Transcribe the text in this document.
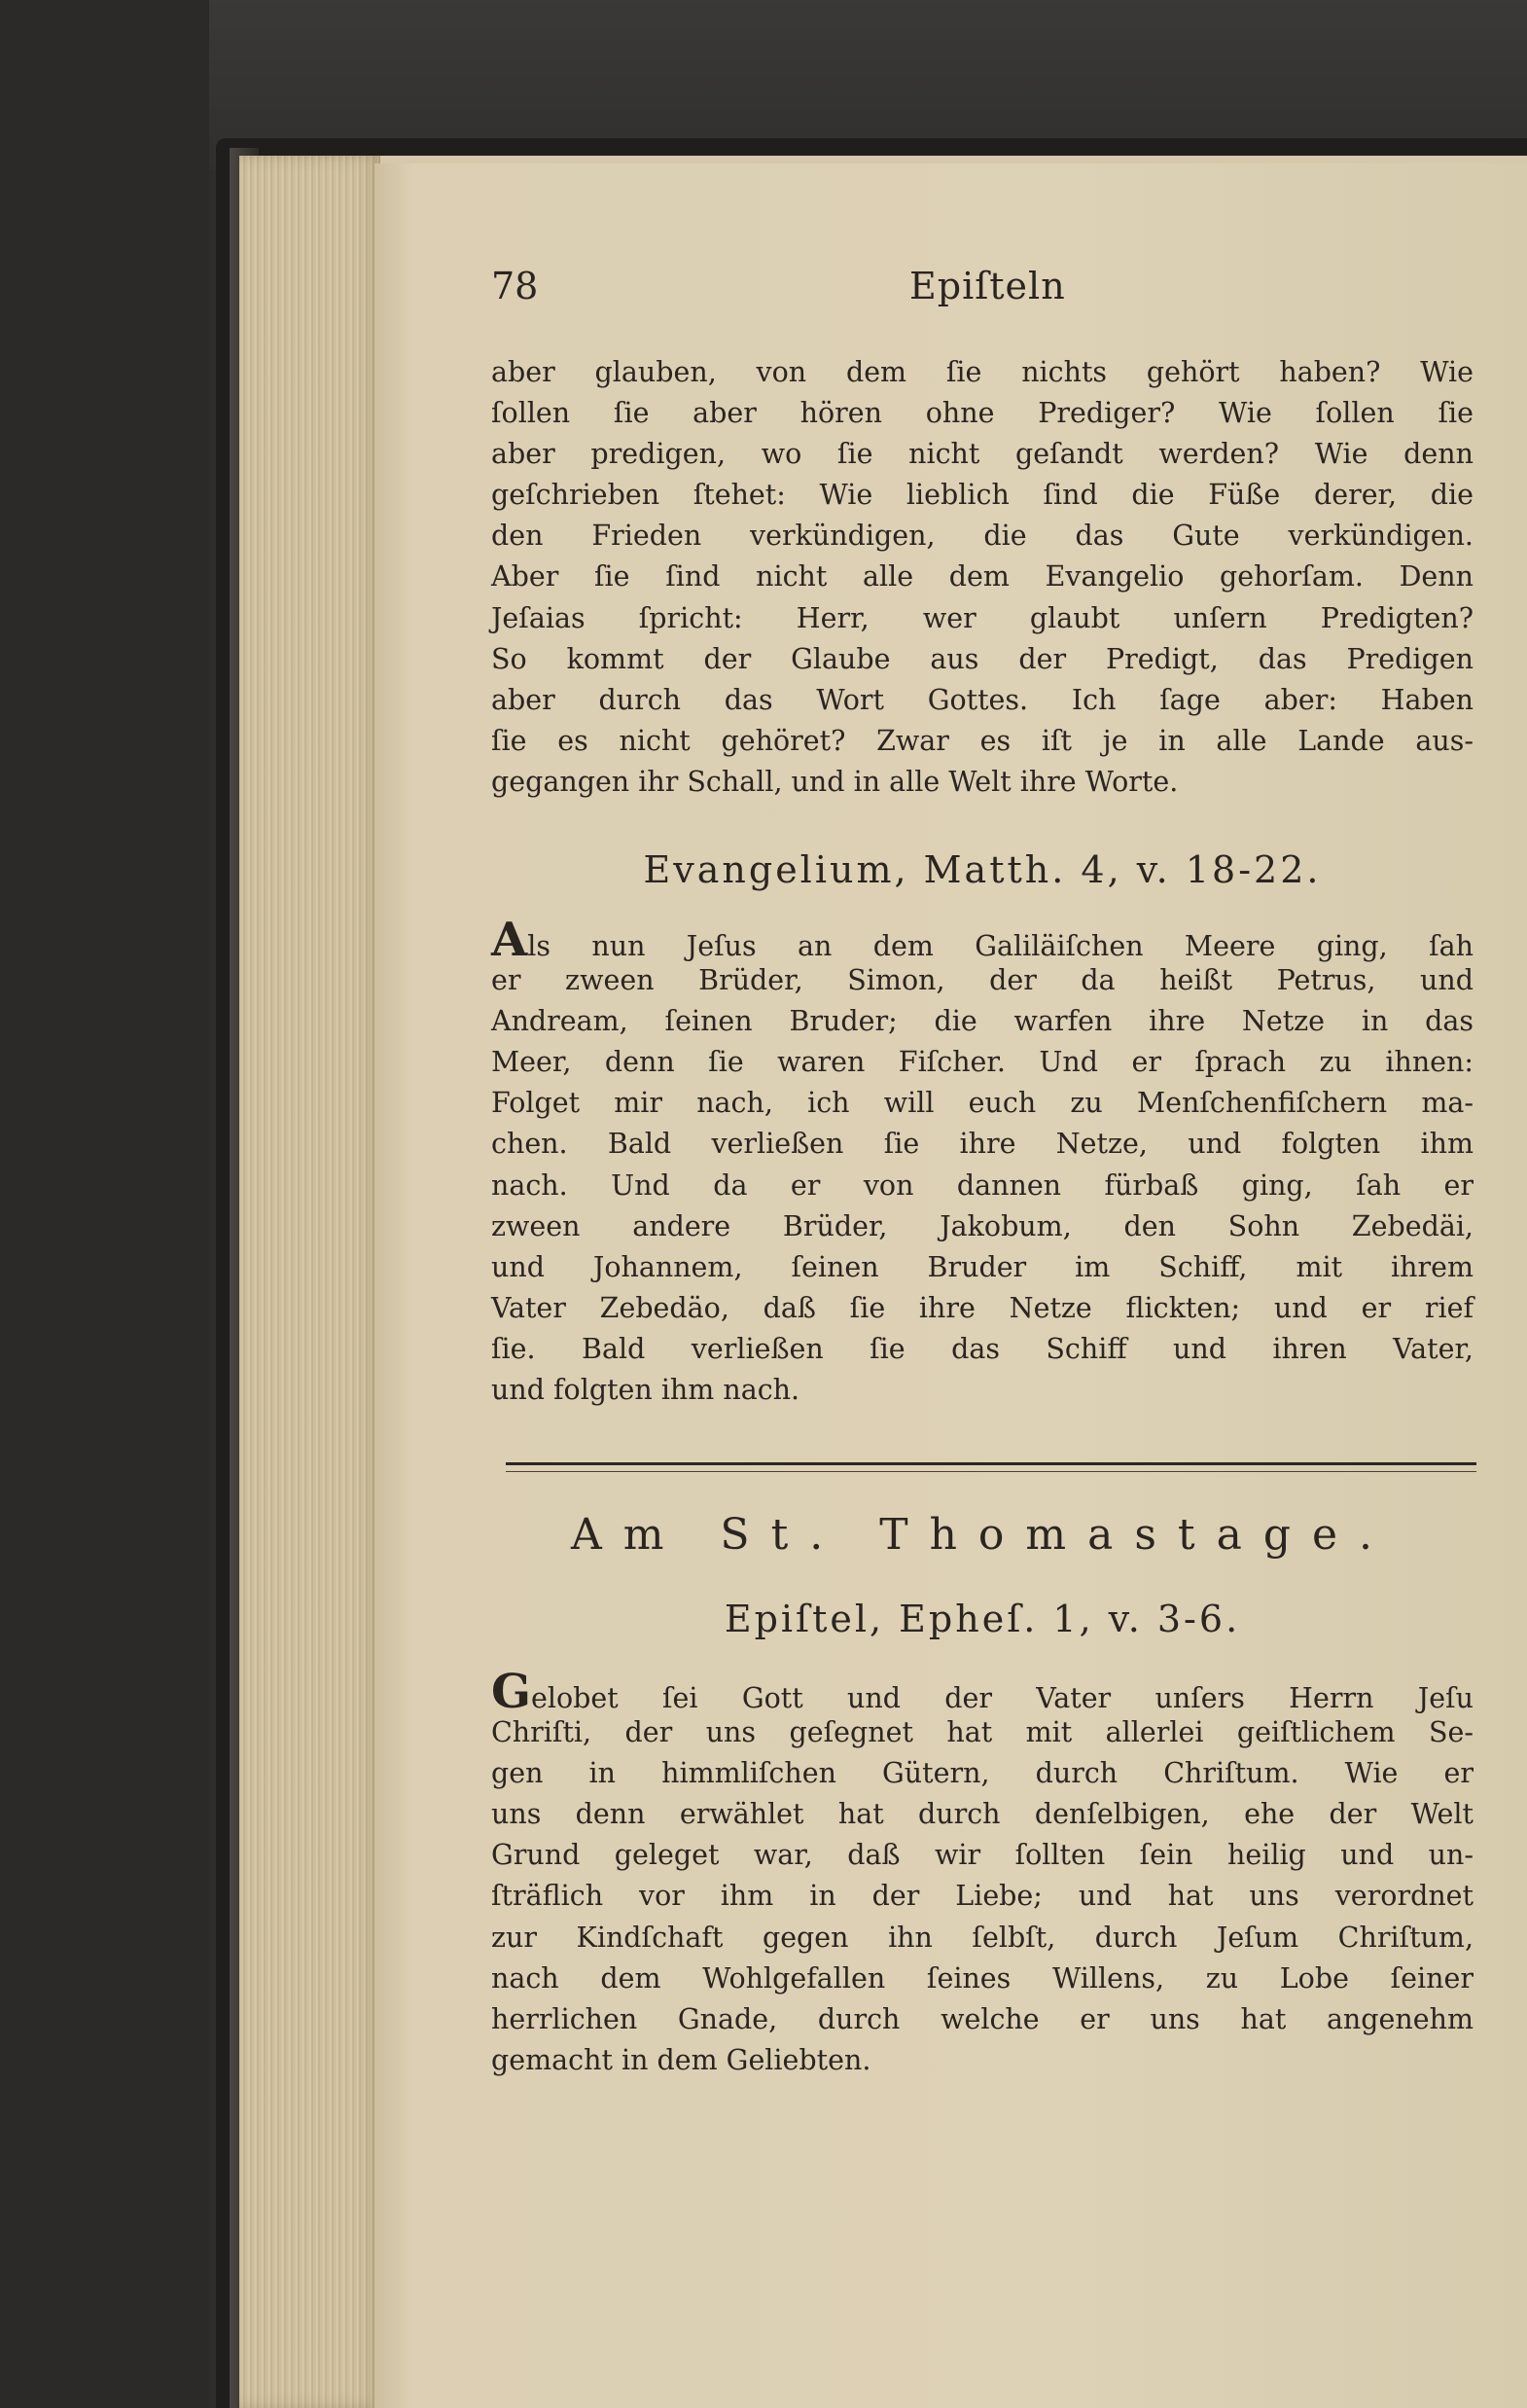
78	Epiſteln
aber glauben, von dem ſie nichts gehört haben? Wie
ſollen ſie aber hören ohne Prediger? Wie ſollen ſie
aber predigen, wo ſie nicht geſandt werden? Wie denn
geſchrieben ſtehet: Wie lieblich ſind die Füße derer, die
den Frieden verkündigen, die das Gute verkündigen.
Aber ſie ſind nicht alle dem Evangelio gehorſam. Denn
Jeſaias ſpricht: Herr, wer glaubt unſern Predigten?
So kommt der Glaube aus der Predigt, das Predigen
aber durch das Wort Gottes. Ich ſage aber: Haben
ſie es nicht gehöret? Zwar es iſt je in alle Lande aus-
gegangen ihr Schall, und in alle Welt ihre Worte.
Evangelium, Matth. 4, v. 18-22.
Als nun Jeſus an dem Galiläiſchen Meere ging, ſah
er zween Brüder, Simon, der da heißt Petrus, und
Andream, ſeinen Bruder; die warfen ihre Netze in das
Meer, denn ſie waren Fiſcher. Und er ſprach zu ihnen:
Folget mir nach, ich will euch zu Menſchenfiſchern ma-
chen. Bald verließen ſie ihre Netze, und folgten ihm
nach. Und da er von dannen fürbaß ging, ſah er
zween andere Brüder, Jakobum, den Sohn Zebedäi,
und Johannem, ſeinen Bruder im Schiff, mit ihrem
Vater Zebedäo, daß ſie ihre Netze flickten; und er rief
ſie. Bald verließen ſie das Schiff und ihren Vater,
und folgten ihm nach.
Am St. Thomastage.
Epiſtel, Epheſ. 1, v. 3-6.
Gelobet ſei Gott und der Vater unſers Herrn Jeſu
Chriſti, der uns geſegnet hat mit allerlei geiſtlichem Se-
gen in himmliſchen Gütern, durch Chriſtum. Wie er
uns denn erwählet hat durch denſelbigen, ehe der Welt
Grund geleget war, daß wir ſollten ſein heilig und un-
ſträflich vor ihm in der Liebe; und hat uns verordnet
zur Kindſchaft gegen ihn ſelbſt, durch Jeſum Chriſtum,
nach dem Wohlgefallen ſeines Willens, zu Lobe ſeiner
herrlichen Gnade, durch welche er uns hat angenehm
gemacht in dem Geliebten.
